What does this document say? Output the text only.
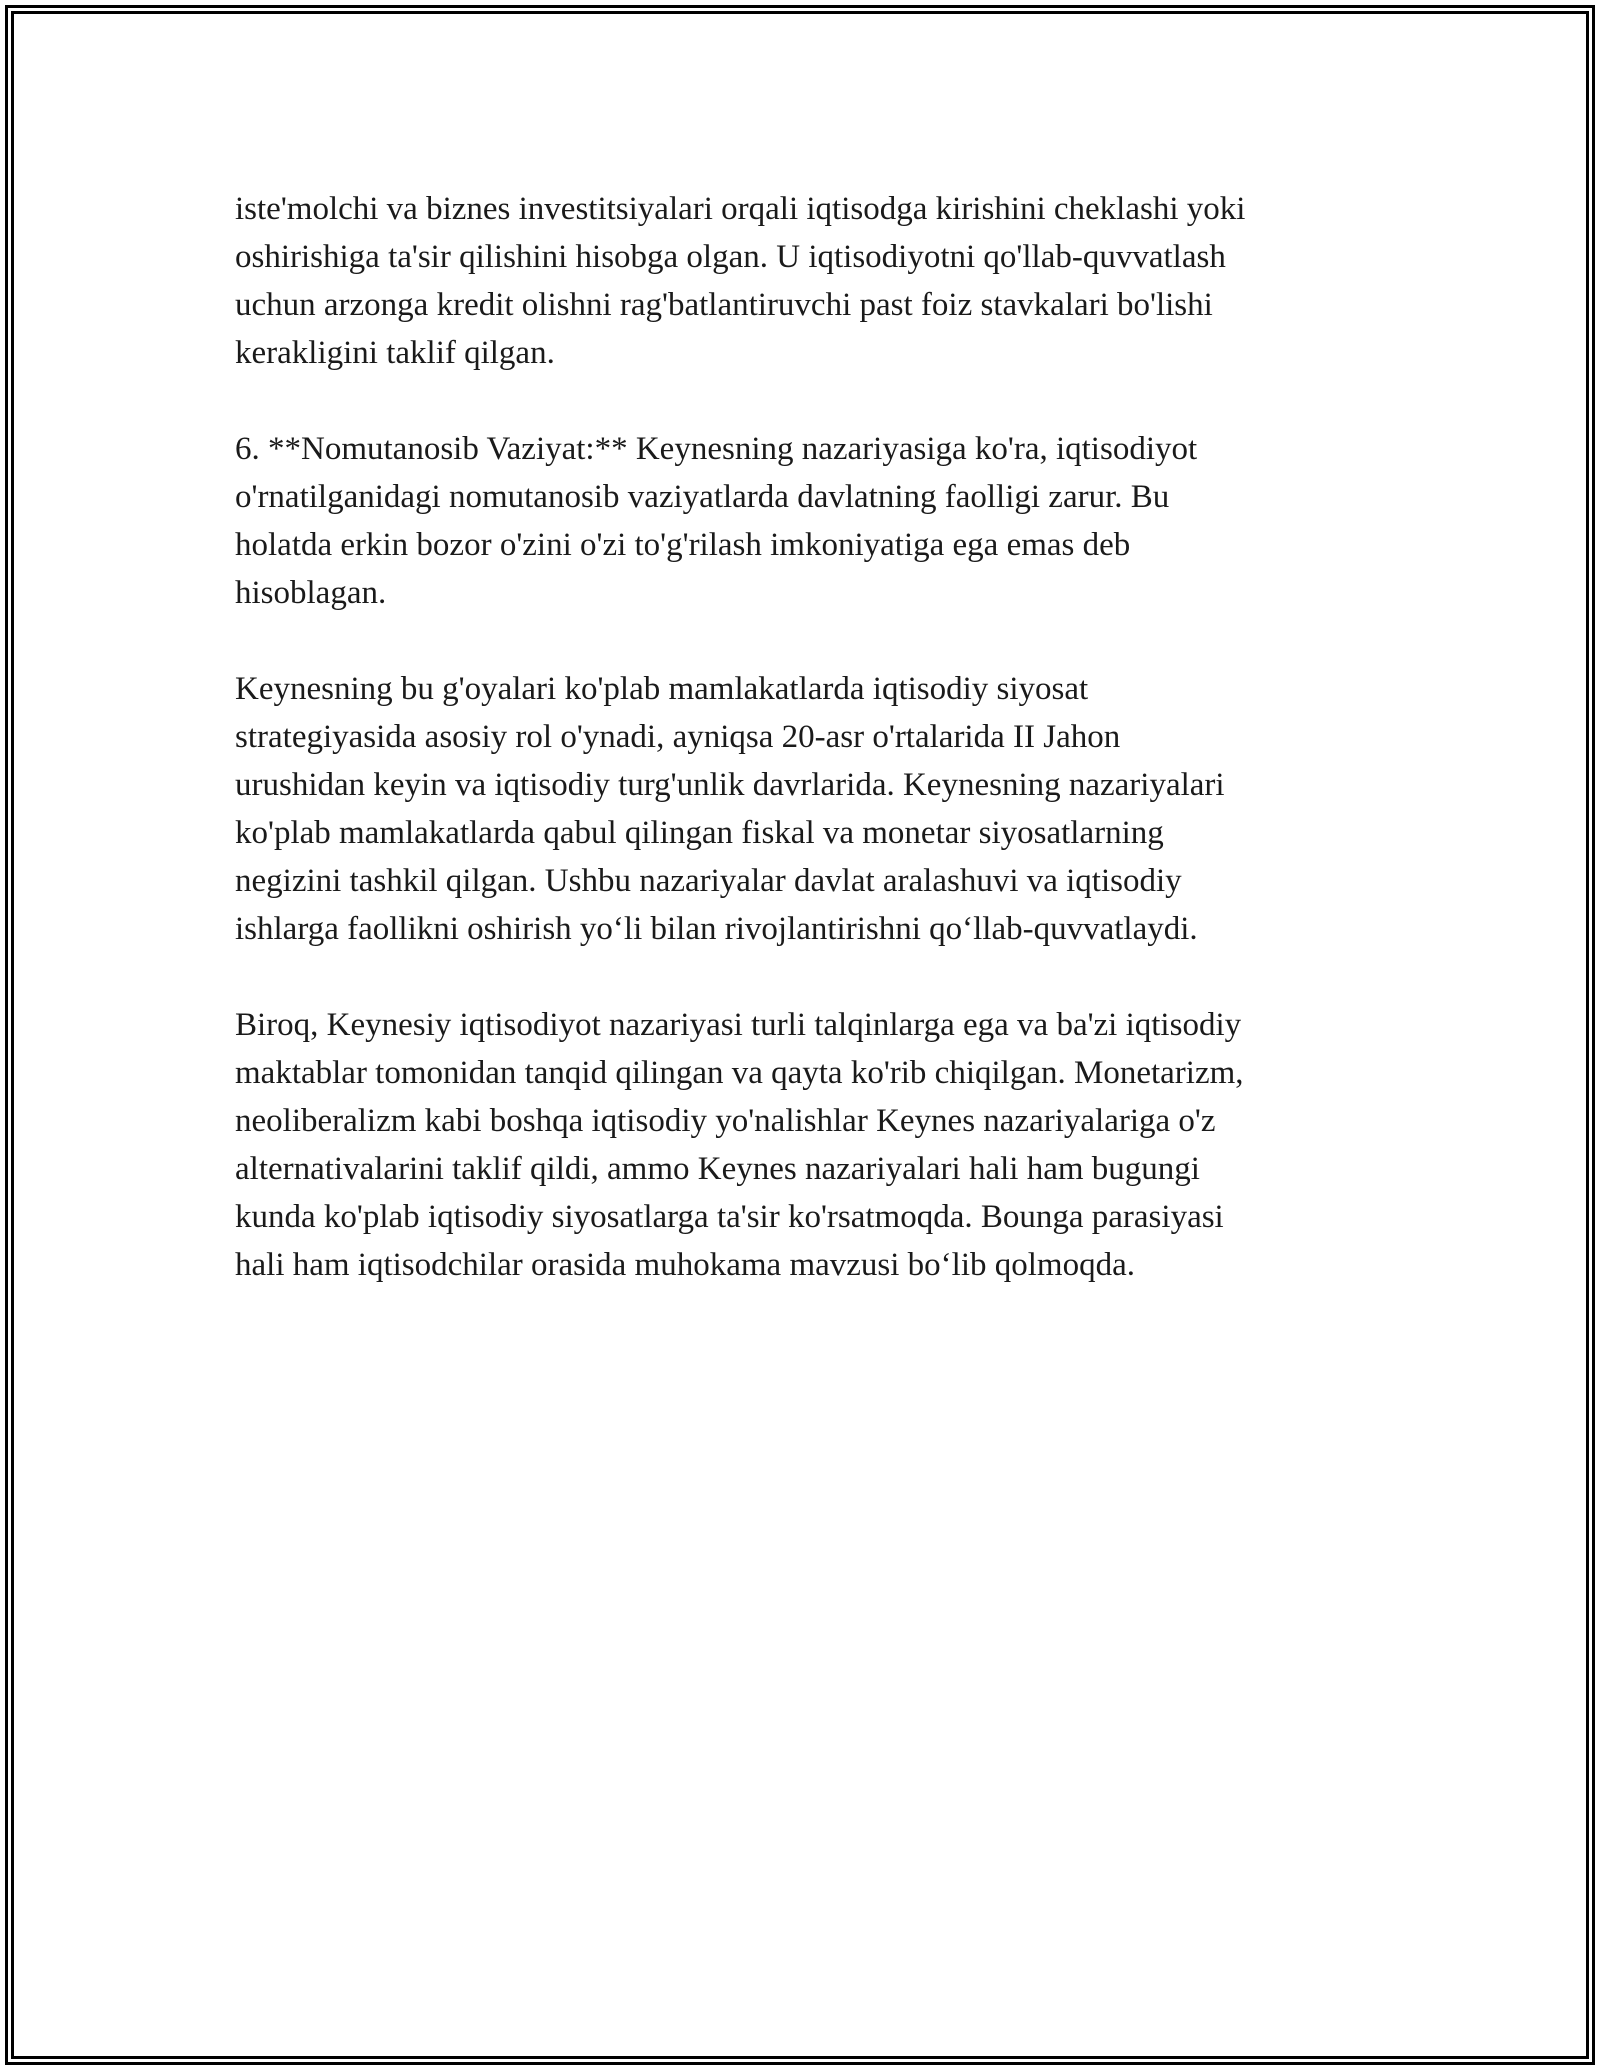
iste'molchi va biznes investitsiyalari orqali iqtisodga kirishini cheklashi yoki
oshirishiga ta'sir qilishini hisobga olgan. U iqtisodiyotni qo'llab-quvvatlash
uchun arzonga kredit olishni rag'batlantiruvchi past foiz stavkalari bo'lishi
kerakligini taklif qilgan.

6. **Nomutanosib Vaziyat:** Keynesning nazariyasiga ko'ra, iqtisodiyot
o'rnatilganidagi nomutanosib vaziyatlarda davlatning faolligi zarur. Bu
holatda erkin bozor o'zini o'zi to'g'rilash imkoniyatiga ega emas deb
hisoblagan.

Keynesning bu g'oyalari ko'plab mamlakatlarda iqtisodiy siyosat
strategiyasida asosiy rol o'ynadi, ayniqsa 20-asr o'rtalarida II Jahon
urushidan keyin va iqtisodiy turg'unlik davrlarida. Keynesning nazariyalari
ko'plab mamlakatlarda qabul qilingan fiskal va monetar siyosatlarning
negizini tashkil qilgan. Ushbu nazariyalar davlat aralashuvi va iqtisodiy
ishlarga faollikni oshirish yo‘li bilan rivojlantirishni qo‘llab-quvvatlaydi.

Biroq, Keynesiy iqtisodiyot nazariyasi turli talqinlarga ega va ba'zi iqtisodiy
maktablar tomonidan tanqid qilingan va qayta ko'rib chiqilgan. Monetarizm,
neoliberalizm kabi boshqa iqtisodiy yo'nalishlar Keynes nazariyalariga o'z
alternativalarini taklif qildi, ammo Keynes nazariyalari hali ham bugungi
kunda ko'plab iqtisodiy siyosatlarga ta'sir ko'rsatmoqda. Bounga parasiyasi
hali ham iqtisodchilar orasida muhokama mavzusi bo‘lib qolmoqda.
